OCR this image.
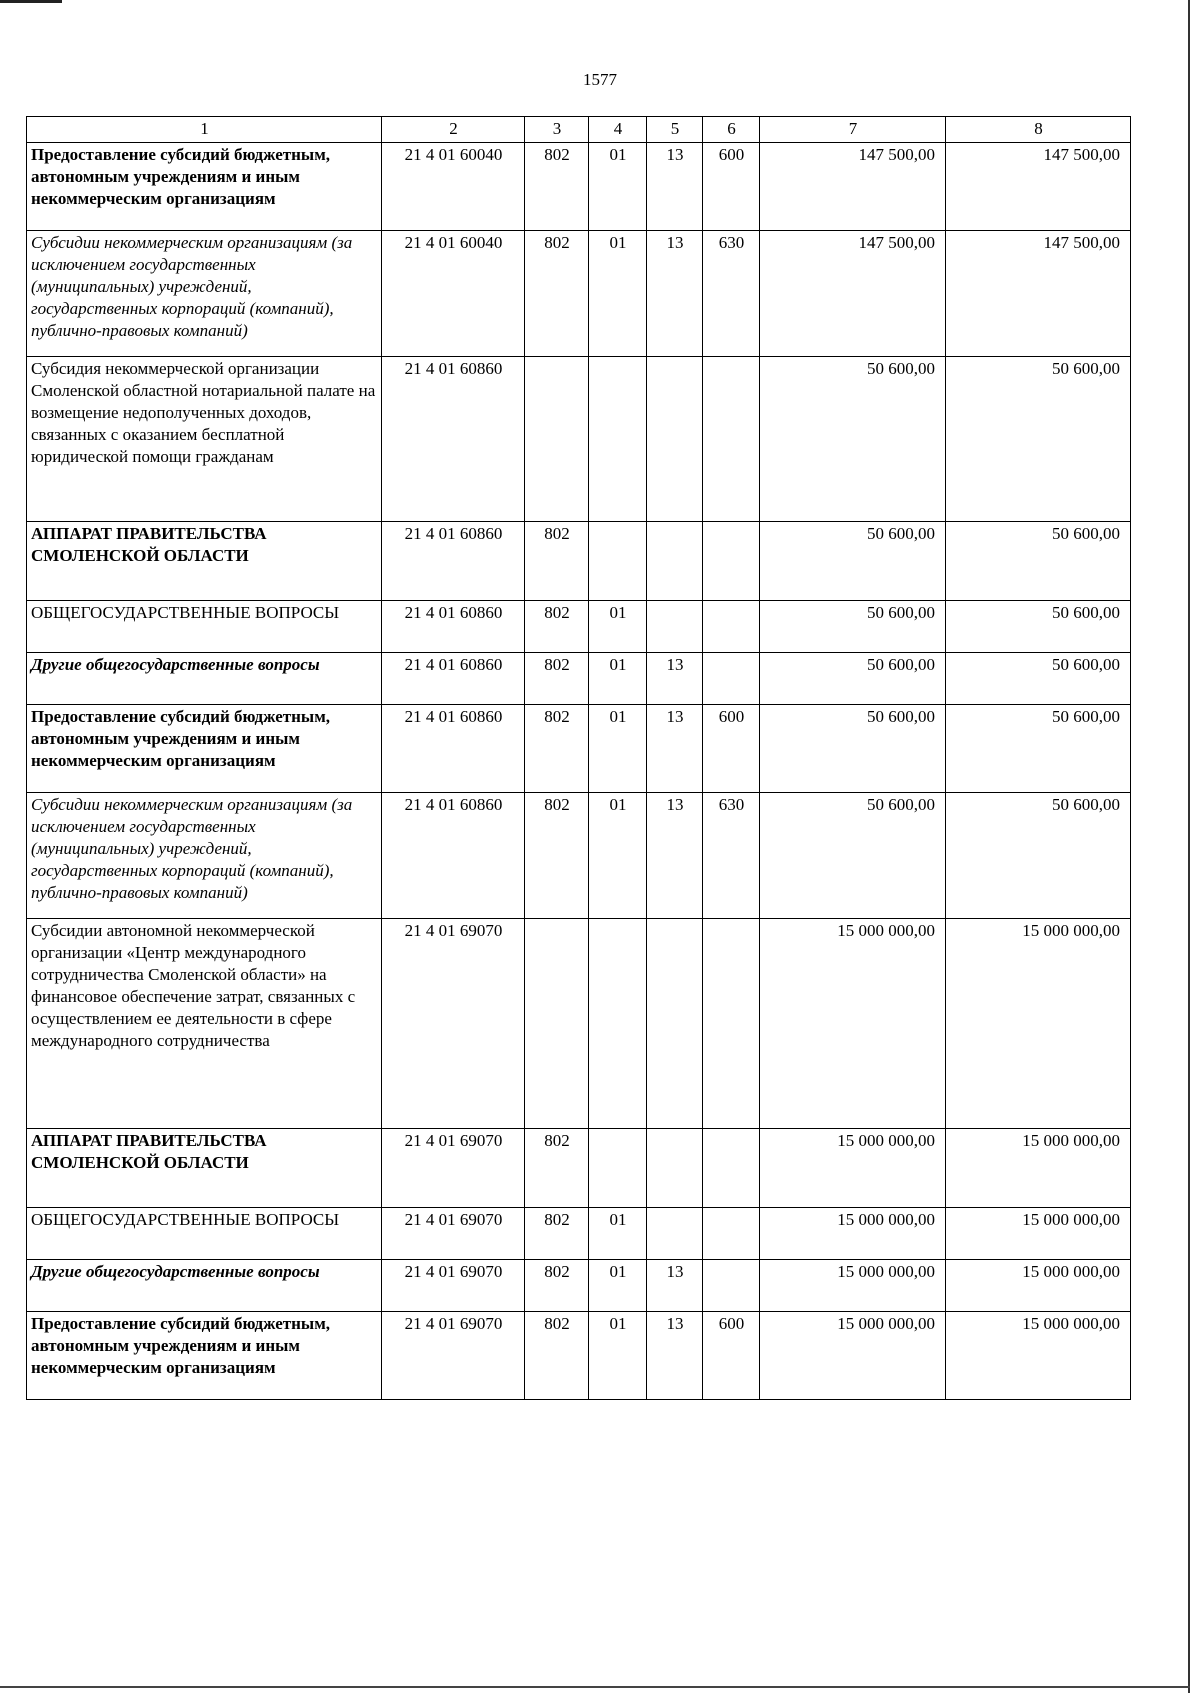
1577
1	2	3	4	5	6	7	8
Предоставление субсидий бюджетным, автономным учреждениям и иным некоммерческим организациям	21 4 01 60040	802	01	13	600	147 500,00	147 500,00
Субсидии некоммерческим организациям (за исключением государственных (муниципальных) учреждений, государственных корпораций (компаний), публично-правовых компаний)	21 4 01 60040	802	01	13	630	147 500,00	147 500,00
Субсидия некоммерческой организации Смоленской областной нотариальной палате на возмещение недополученных доходов, связанных с оказанием бесплатной юридической помощи гражданам	21 4 01 60860					50 600,00	50 600,00
АППАРАТ ПРАВИТЕЛЬСТВА СМОЛЕНСКОЙ ОБЛАСТИ	21 4 01 60860	802				50 600,00	50 600,00
ОБЩЕГОСУДАРСТВЕННЫЕ ВОПРОСЫ	21 4 01 60860	802	01			50 600,00	50 600,00
Другие общегосударственные вопросы	21 4 01 60860	802	01	13		50 600,00	50 600,00
Предоставление субсидий бюджетным, автономным учреждениям и иным некоммерческим организациям	21 4 01 60860	802	01	13	600	50 600,00	50 600,00
Субсидии некоммерческим организациям (за исключением государственных (муниципальных) учреждений, государственных корпораций (компаний), публично-правовых компаний)	21 4 01 60860	802	01	13	630	50 600,00	50 600,00
Субсидии автономной некоммерческой организации «Центр международного сотрудничества Смоленской области» на финансовое обеспечение затрат, связанных с осуществлением ее деятельности в сфере международного сотрудничества	21 4 01 69070					15 000 000,00	15 000 000,00
АППАРАТ ПРАВИТЕЛЬСТВА СМОЛЕНСКОЙ ОБЛАСТИ	21 4 01 69070	802				15 000 000,00	15 000 000,00
ОБЩЕГОСУДАРСТВЕННЫЕ ВОПРОСЫ	21 4 01 69070	802	01			15 000 000,00	15 000 000,00
Другие общегосударственные вопросы	21 4 01 69070	802	01	13		15 000 000,00	15 000 000,00
Предоставление субсидий бюджетным, автономным учреждениям и иным некоммерческим организациям	21 4 01 69070	802	01	13	600	15 000 000,00	15 000 000,00
